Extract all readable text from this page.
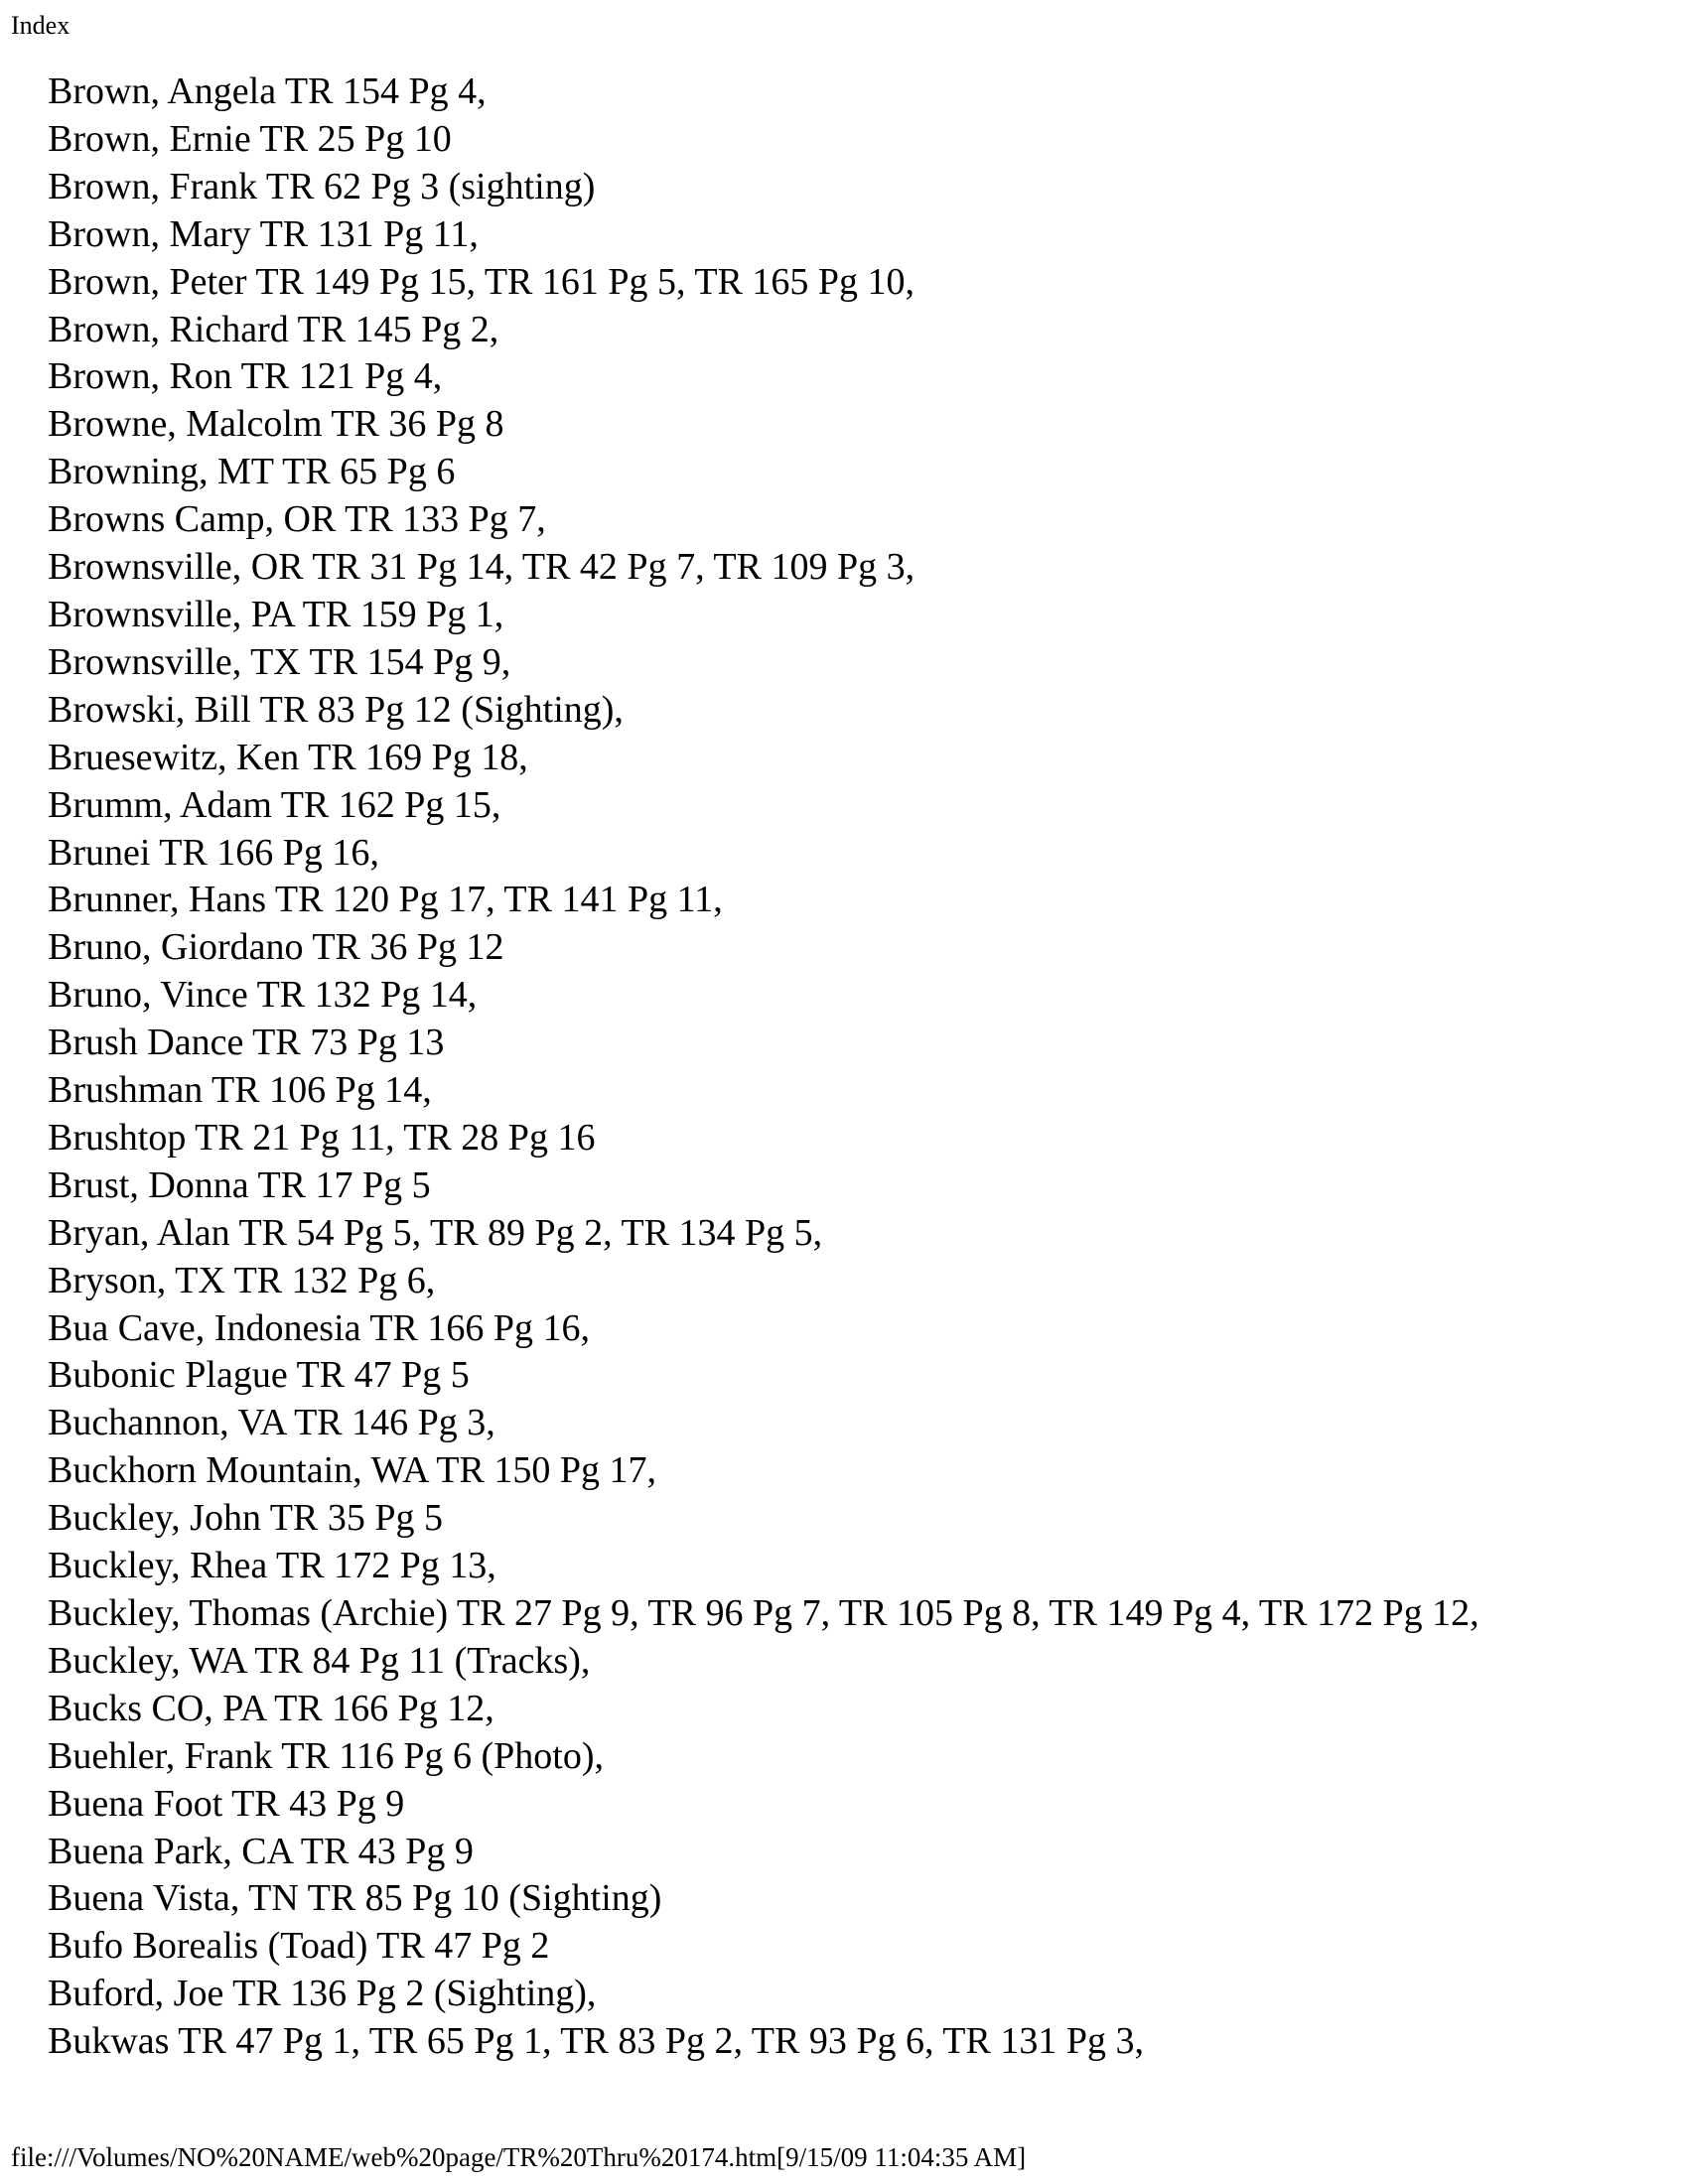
Index
Brown, Angela TR 154 Pg 4,
Brown, Ernie TR 25 Pg 10
Brown, Frank TR 62 Pg 3 (sighting)
Brown, Mary TR 131 Pg 11,
Brown, Peter TR 149 Pg 15, TR 161 Pg 5, TR 165 Pg 10,
Brown, Richard TR 145 Pg 2,
Brown, Ron TR 121 Pg 4,
Browne, Malcolm TR 36 Pg 8
Browning, MT TR 65 Pg 6
Browns Camp, OR TR 133 Pg 7,
Brownsville, OR TR 31 Pg 14, TR 42 Pg 7, TR 109 Pg 3,
Brownsville, PA TR 159 Pg 1,
Brownsville, TX TR 154 Pg 9,
Browski, Bill TR 83 Pg 12 (Sighting),
Bruesewitz, Ken TR 169 Pg 18,
Brumm, Adam TR 162 Pg 15,
Brunei TR 166 Pg 16,
Brunner, Hans TR 120 Pg 17, TR 141 Pg 11,
Bruno, Giordano TR 36 Pg 12
Bruno, Vince TR 132 Pg 14,
Brush Dance TR 73 Pg 13
Brushman TR 106 Pg 14,
Brushtop TR 21 Pg 11, TR 28 Pg 16
Brust, Donna TR 17 Pg 5
Bryan, Alan TR 54 Pg 5, TR 89 Pg 2, TR 134 Pg 5,
Bryson, TX TR 132 Pg 6,
Bua Cave, Indonesia TR 166 Pg 16,
Bubonic Plague TR 47 Pg 5
Buchannon, VA TR 146 Pg 3,
Buckhorn Mountain, WA TR 150 Pg 17,
Buckley, John TR 35 Pg 5
Buckley, Rhea TR 172 Pg 13,
Buckley, Thomas (Archie) TR 27 Pg 9, TR 96 Pg 7, TR 105 Pg 8, TR 149 Pg 4, TR 172 Pg 12,
Buckley, WA TR 84 Pg 11 (Tracks),
Bucks CO, PA TR 166 Pg 12,
Buehler, Frank TR 116 Pg 6 (Photo),
Buena Foot TR 43 Pg 9
Buena Park, CA TR 43 Pg 9
Buena Vista, TN TR 85 Pg 10 (Sighting)
Bufo Borealis (Toad) TR 47 Pg 2
Buford, Joe TR 136 Pg 2 (Sighting),
Bukwas TR 47 Pg 1, TR 65 Pg 1, TR 83 Pg 2, TR 93 Pg 6, TR 131 Pg 3,
file:///Volumes/NO%20NAME/web%20page/TR%20Thru%20174.htm[9/15/09 11:04:35 AM]
